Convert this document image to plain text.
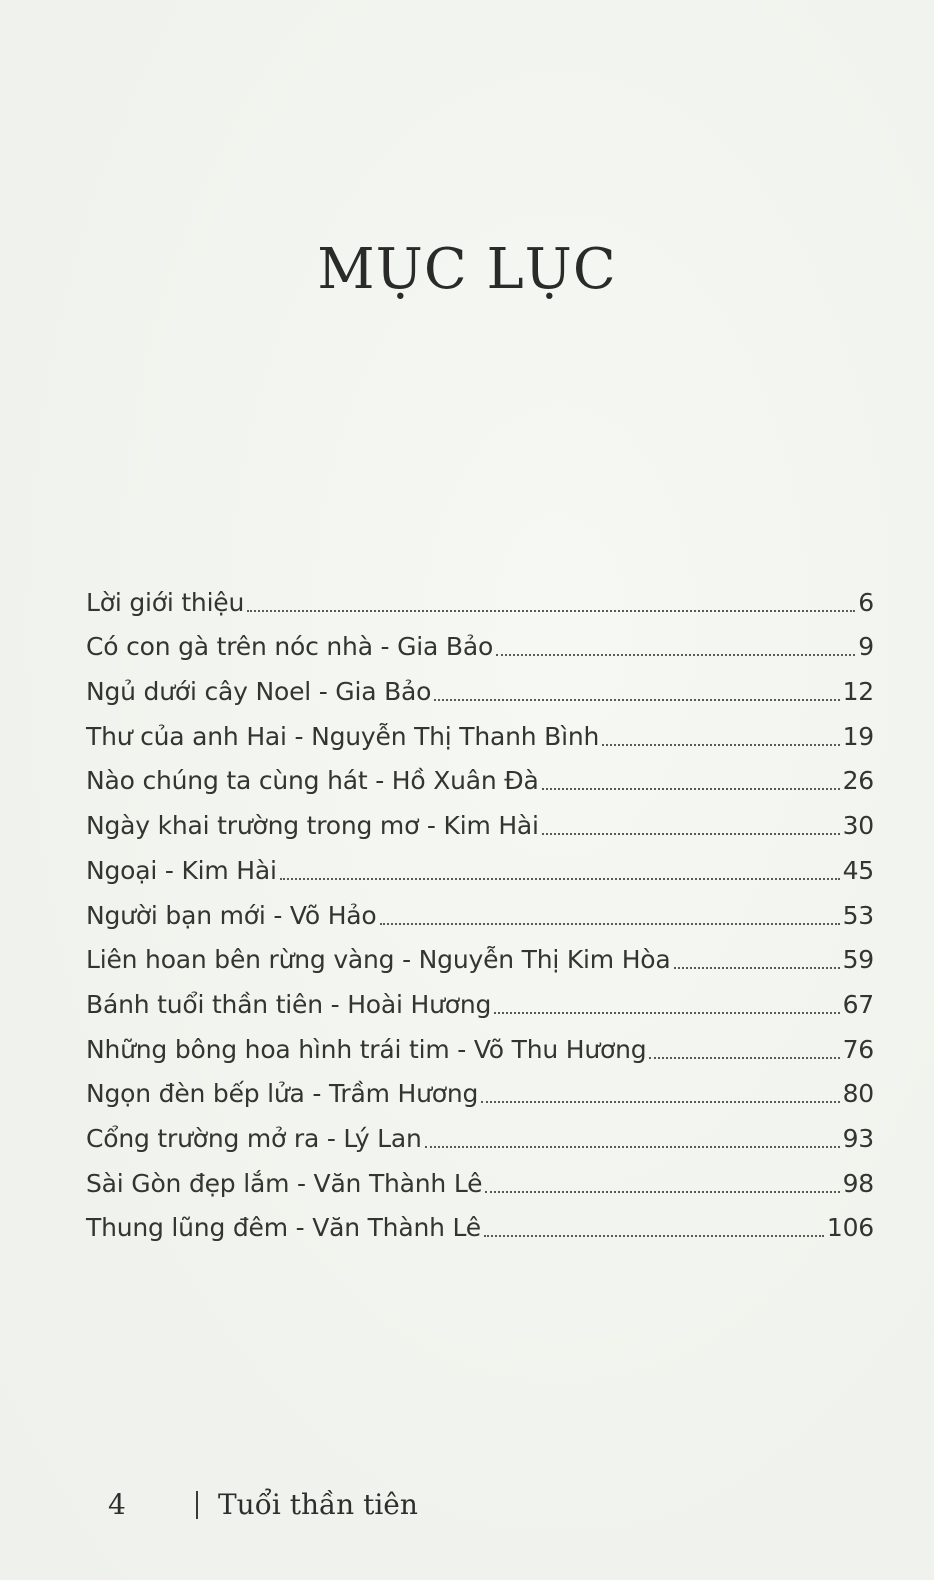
MỤC LỤC
Lời giới thiệu	6
Có con gà trên nóc nhà - Gia Bảo	9
Ngủ dưới cây Noel - Gia Bảo	12
Thư của anh Hai - Nguyễn Thị Thanh Bình	19
Nào chúng ta cùng hát - Hồ Xuân Đà	26
Ngày khai trường trong mơ - Kim Hài	30
Ngoại - Kim Hài	45
Người bạn mới - Võ Hảo	53
Liên hoan bên rừng vàng - Nguyễn Thị Kim Hòa	59
Bánh tuổi thần tiên - Hoài Hương	67
Những bông hoa hình trái tim - Võ Thu Hương	76
Ngọn đèn bếp lửa - Trầm Hương	80
Cổng trường mở ra - Lý Lan	93
Sài Gòn đẹp lắm - Văn Thành Lê	98
Thung lũng đêm - Văn Thành Lê	106
4	Tuổi thần tiên
